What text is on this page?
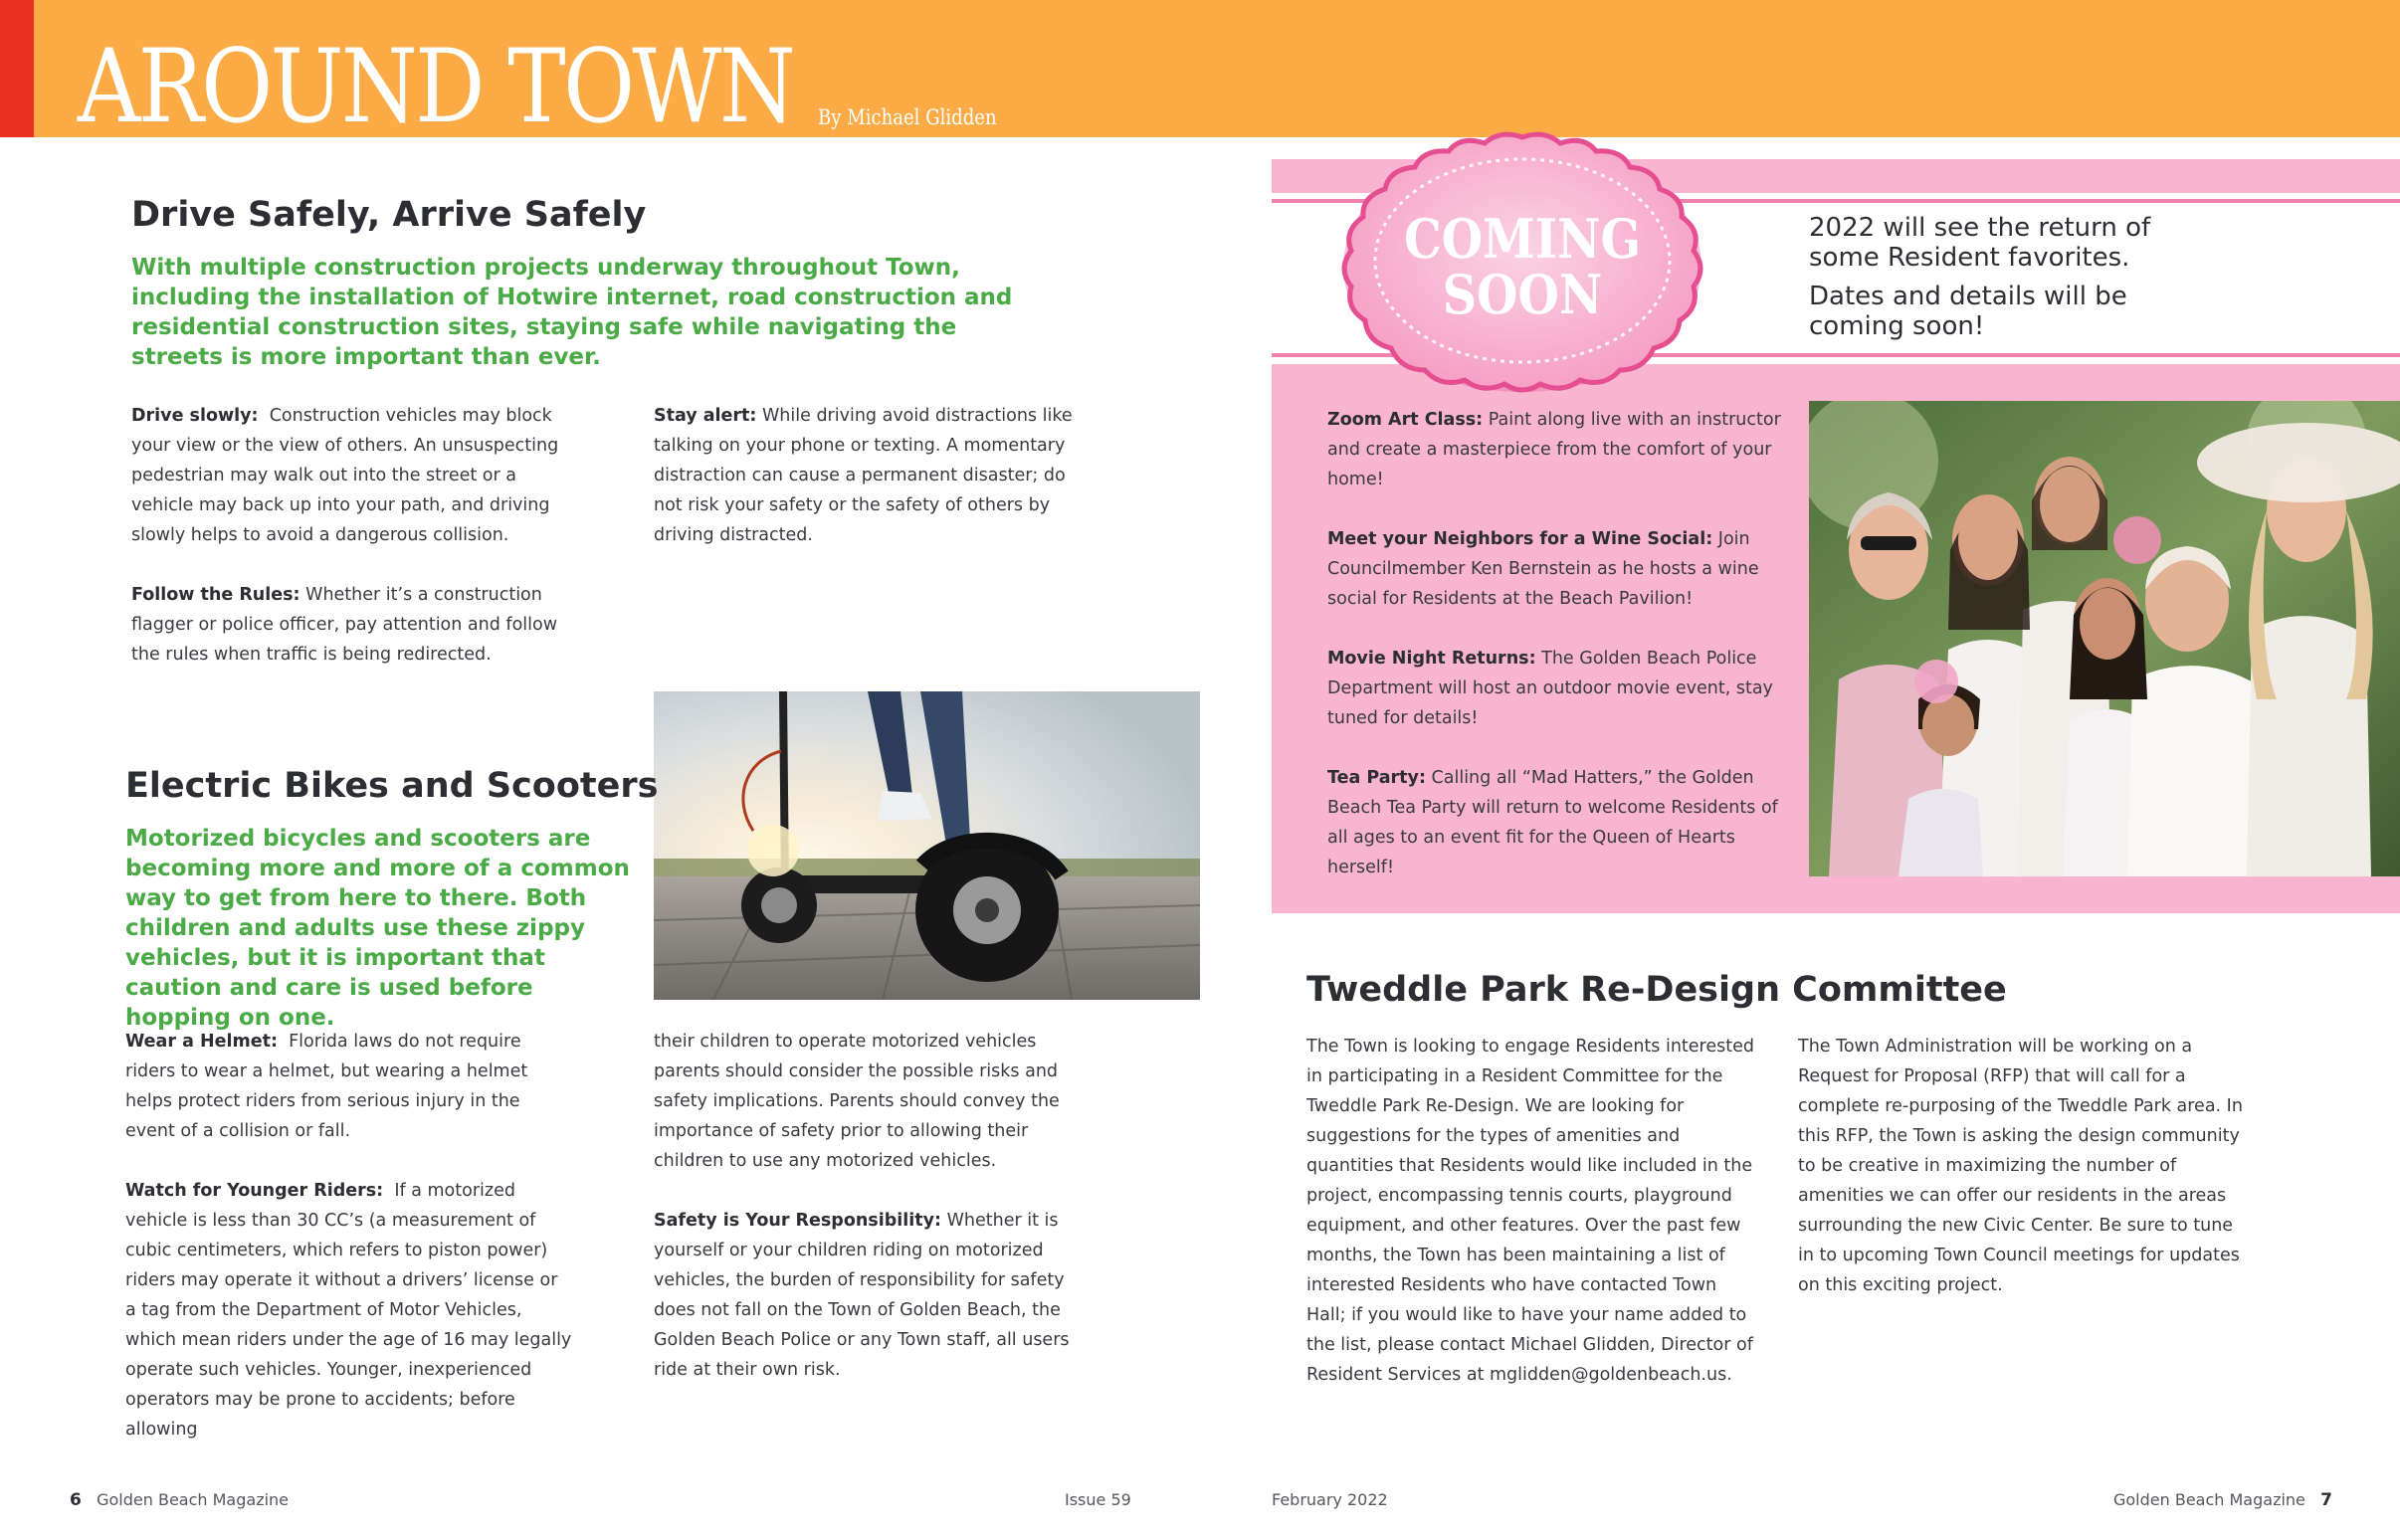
AROUND TOWN By Michael Glidden
Drive Safely, Arrive Safely
With multiple construction projects underway throughout Town, including the installation of Hotwire internet, road construction and residential construction sites, staying safe while navigating the streets is more important than ever.
Drive slowly: Construction vehicles may block your view or the view of others. An unsuspecting pedestrian may walk out into the street or a vehicle may back up into your path, and driving slowly helps to avoid a dangerous collision.
Follow the Rules: Whether it’s a construction flagger or police officer, pay attention and follow the rules when traffic is being redirected.
Stay alert: While driving avoid distractions like talking on your phone or texting. A momentary distraction can cause a permanent disaster; do not risk your safety or the safety of others by driving distracted.
Electric Bikes and Scooters
Motorized bicycles and scooters are becoming more and more of a common way to get from here to there. Both children and adults use these zippy vehicles, but it is important that caution and care is used before hopping on one.
Wear a Helmet: Florida laws do not require riders to wear a helmet, but wearing a helmet helps protect riders from serious injury in the event of a collision or fall.
Watch for Younger Riders: If a motorized vehicle is less than 30 CC’s (a measurement of cubic centimeters, which refers to piston power) riders may operate it without a drivers’ license or a tag from the Department of Motor Vehicles, which mean riders under the age of 16 may legally operate such vehicles. Younger, inexperienced operators may be prone to accidents; before allowing
their children to operate motorized vehicles parents should consider the possible risks and safety implications. Parents should convey the importance of safety prior to allowing their children to use any motorized vehicles.
Safety is Your Responsibility: Whether it is yourself or your children riding on motorized vehicles, the burden of responsibility for safety does not fall on the Town of Golden Beach, the Golden Beach Police or any Town staff, all users ride at their own risk.
COMING
SOON
2022 will see the return of
some Resident favorites.
Dates and details will be
coming soon!
Zoom Art Class: Paint along live with an instructor and create a masterpiece from the comfort of your home!
Meet your Neighbors for a Wine Social: Join Councilmember Ken Bernstein as he hosts a wine social for Residents at the Beach Pavilion!
Movie Night Returns: The Golden Beach Police Department will host an outdoor movie event, stay tuned for details!
Tea Party: Calling all “Mad Hatters,” the Golden Beach Tea Party will return to welcome Residents of all ages to an event fit for the Queen of Hearts herself!
Tweddle Park Re-Design Committee
The Town is looking to engage Residents interested in participating in a Resident Committee for the Tweddle Park Re-Design. We are looking for suggestions for the types of amenities and quantities that Residents would like included in the project, encompassing tennis courts, playground equipment, and other features. Over the past few months, the Town has been maintaining a list of interested Residents who have contacted Town Hall; if you would like to have your name added to the list, please contact Michael Glidden, Director of Resident Services at mglidden@goldenbeach.us.
The Town Administration will be working on a Request for Proposal (RFP) that will call for a complete re-purposing of the Tweddle Park area. In this RFP, the Town is asking the design community to be creative in maximizing the number of amenities we can offer our residents in the areas surrounding the new Civic Center. Be sure to tune in to upcoming Town Council meetings for updates on this exciting project.
6 Golden Beach Magazine	Issue 59	February 2022	Golden Beach Magazine 7
